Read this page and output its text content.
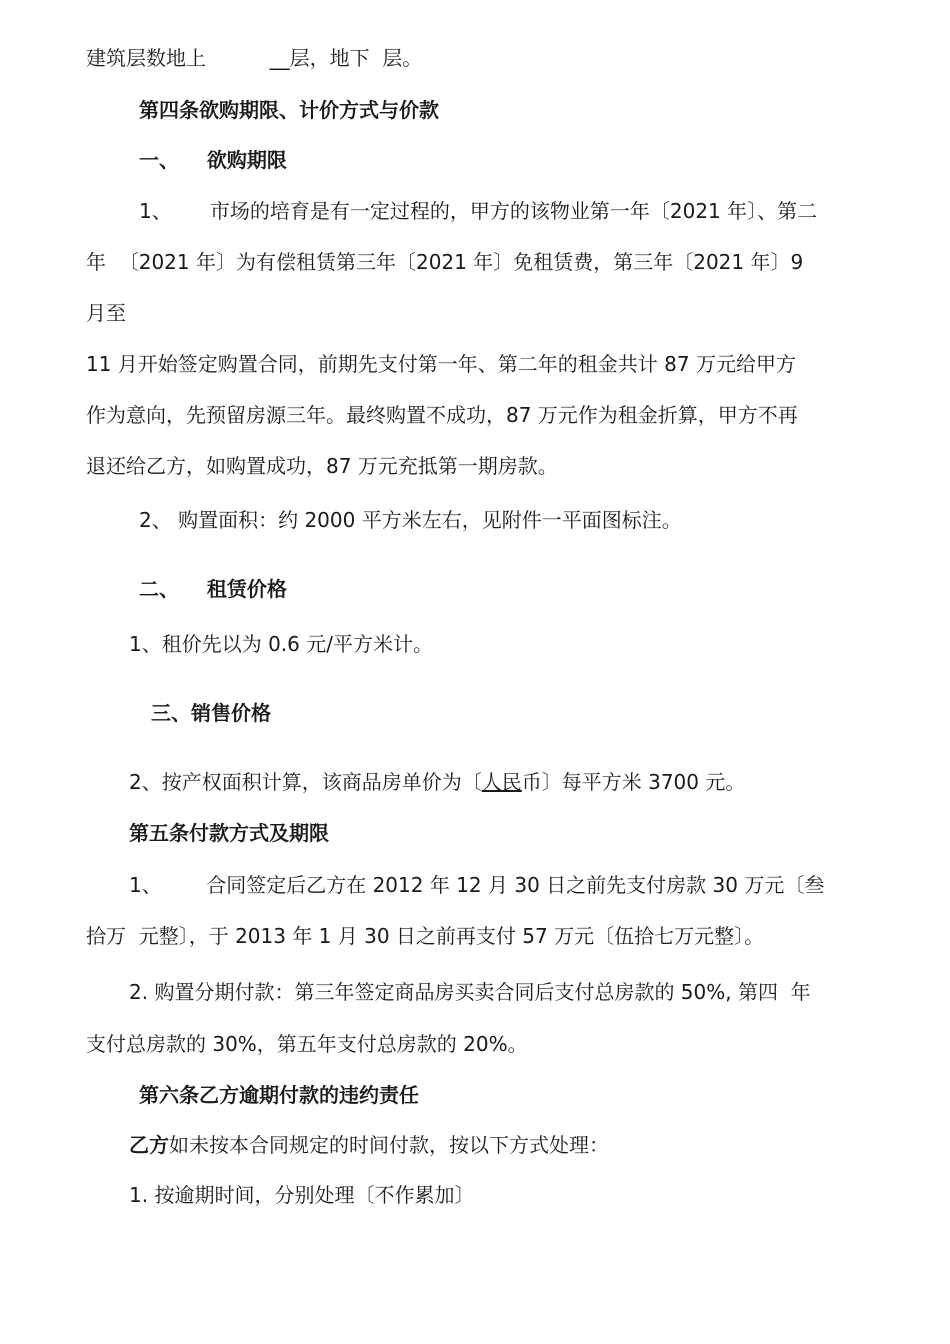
建筑层数地上          __层，地下  层。

第四条欲购期限、计价方式与价款

一、    欲购期限

1、      市场的培育是有一定过程的，甲方的该物业第一年〔2021 年〕、第二

年  〔2021 年〕为有偿租赁第三年〔2021 年〕免租赁费，第三年〔2021 年〕9

月至

11 月开始签定购置合同，前期先支付第一年、第二年的租金共计 87 万元给甲方

作为意向，先预留房源三年。最终购置不成功，87 万元作为租金折算，甲方不再

退还给乙方，如购置成功，87 万元充抵第一期房款。

2、 购置面积：约 2000 平方米左右，见附件一平面图标注。

二、    租赁价格

1、租价先以为 0.6 元/平方米计。

三、销售价格

2、按产权面积计算，该商品房单价为〔人民币〕每平方米 3700 元。

第五条付款方式及期限

1、       合同签定后乙方在 2012 年 12 月 30 日之前先支付房款 30 万元〔叁

拾万  元整〕，于 2013 年 1 月 30 日之前再支付 57 万元〔伍拾七万元整〕。

2. 购置分期付款：第三年签定商品房买卖合同后支付总房款的 50%, 第四  年

支付总房款的 30%，第五年支付总房款的 20%。

第六条乙方逾期付款的违约责任

乙方如未按本合同规定的时间付款，按以下方式处理：

1. 按逾期时间，分别处理〔不作累加〕
